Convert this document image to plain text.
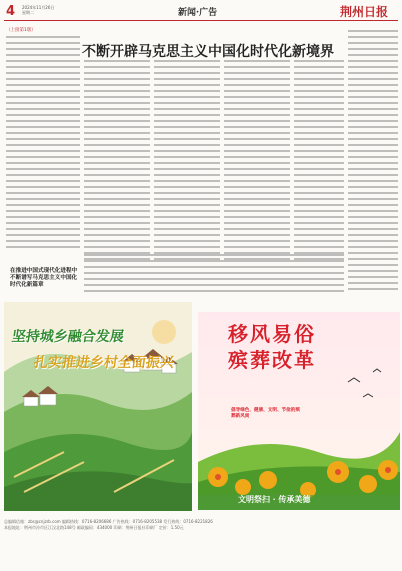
4 2024年11月26日
星期二	新闻·广告	荆州日报
（上接第1版）
不断开辟马克思主义中国化时代化新境界
在推进中国式现代化进程中不断谱写马克思主义中国化时代化新篇章
坚持城乡融合发展
扎实推进乡村全面振兴
移风易俗
殡葬改革
文明祭扫 · 传承美德
倡导绿色、健康、文明、节俭的殡葬新风尚
总编辑信箱：zbs@cnjzrb.com 编辑热线：0716-8206686 广告热线：0716-8205538 发行热线：0716-8221826
本报地址：荆州市沙市区江汉北路148号 邮政编码：434000 印刷：荆州日报社印刷厂 定价：1.50元
